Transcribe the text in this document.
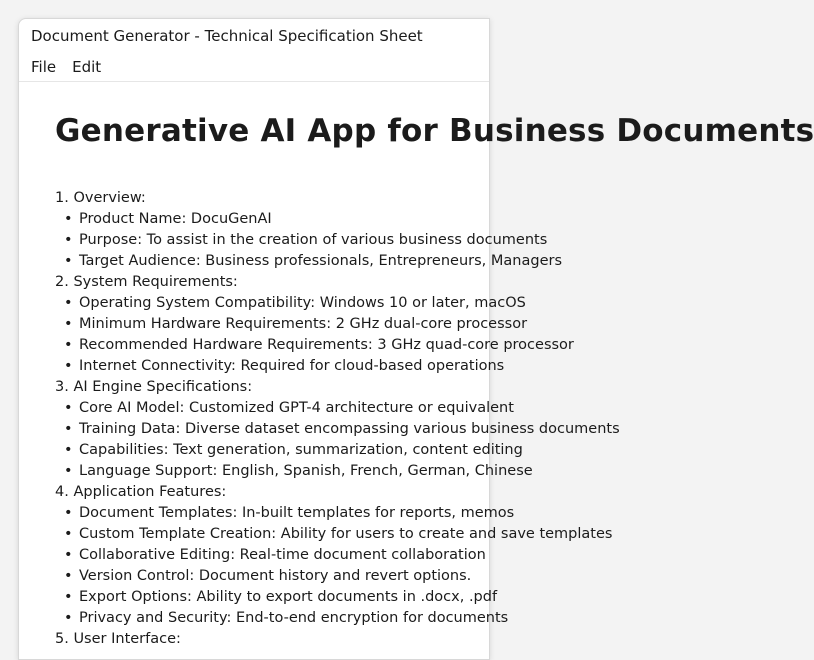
Document Generator - Technical Specification Sheet
File	Edit
Generative AI App for Business Documents
1. Overview:
• Product Name: DocuGenAI
• Purpose: To assist in the creation of various business documents
• Target Audience: Business professionals, Entrepreneurs, Managers
2. System Requirements:
• Operating System Compatibility: Windows 10 or later, macOS
• Minimum Hardware Requirements: 2 GHz dual-core processor
• Recommended Hardware Requirements: 3 GHz quad-core processor
• Internet Connectivity: Required for cloud-based operations
3. AI Engine Specifications:
• Core AI Model: Customized GPT-4 architecture or equivalent
• Training Data: Diverse dataset encompassing various business documents
• Capabilities: Text generation, summarization, content editing
• Language Support: English, Spanish, French, German, Chinese
4. Application Features:
• Document Templates: In-built templates for reports, memos
• Custom Template Creation: Ability for users to create and save templates
• Collaborative Editing: Real-time document collaboration
• Version Control: Document history and revert options.
• Export Options: Ability to export documents in .docx, .pdf
• Privacy and Security: End-to-end encryption for documents
5. User Interface:
